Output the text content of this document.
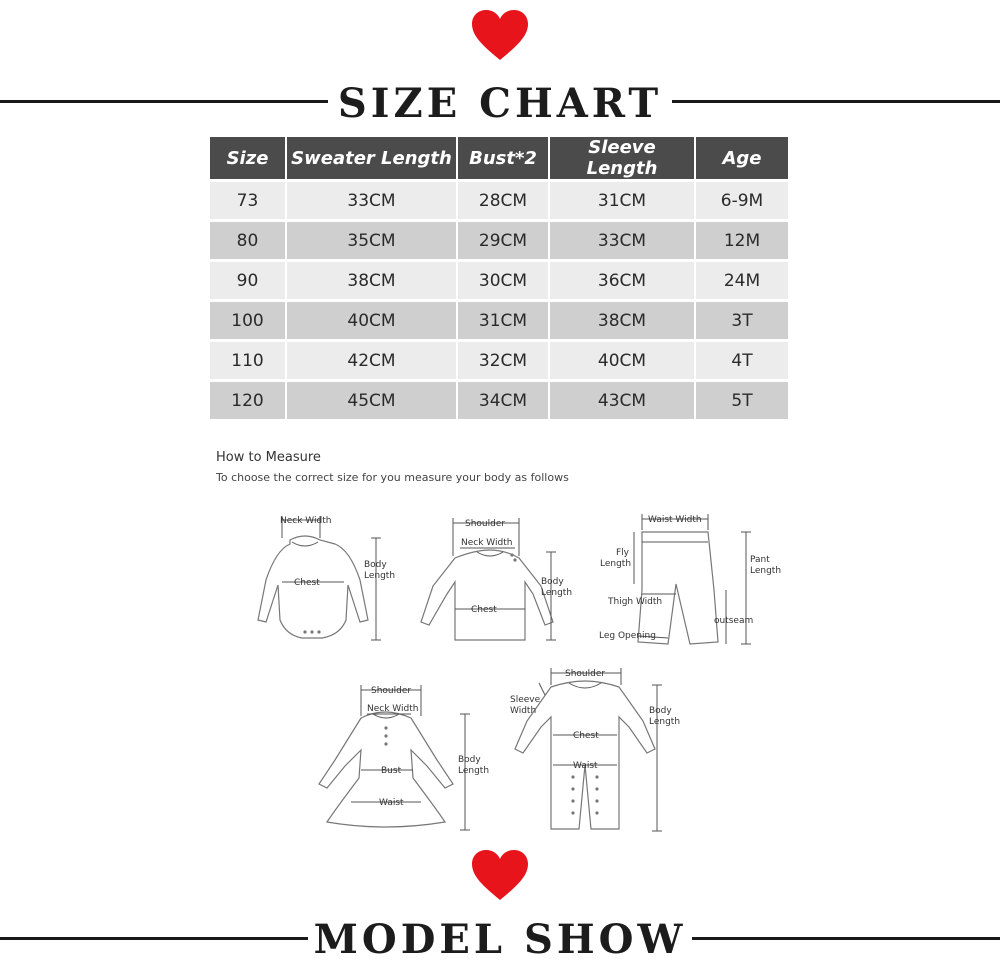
SIZE CHART
Size	Sweater Length	Bust*2	Sleeve Length	Age
73	33CM	28CM	31CM	6-9M
80	35CM	29CM	33CM	12M
90	38CM	30CM	36CM	24M
100	40CM	31CM	38CM	3T
110	42CM	32CM	40CM	4T
120	45CM	34CM	43CM	5T
How to Measure
To choose the correct size for you measure your body as follows
Neck Width
Chest
Body
Length
Shoulder
Neck Width
Chest
Body
Length
Waist Width
Fly
Length	Pant
Length
Thigh Width
outseam
Leg Opening
Shoulder
Neck Width
Bust
Waist
Body
Length
Shoulder
Sleeve
Width
Chest
Waist
Body
Length
MODEL SHOW
